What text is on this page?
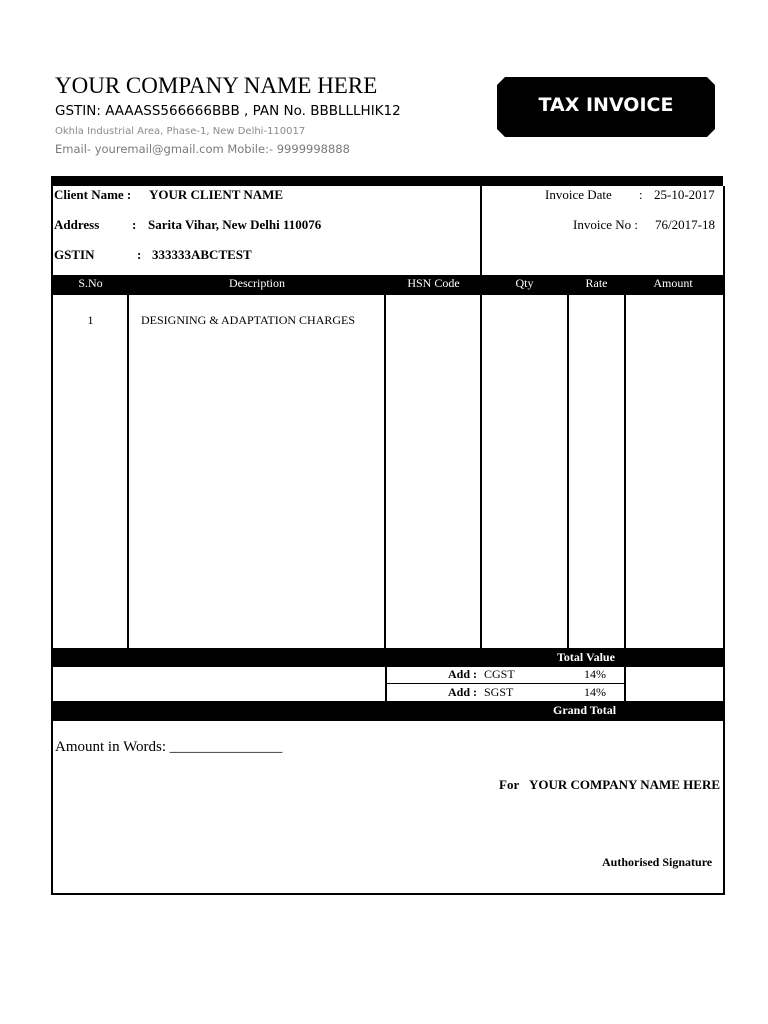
YOUR COMPANY NAME HERE
GSTIN: AAAASS566666BBB , PAN No. BBBLLLHIK12
Okhla Industrial Area, Phase-1, New Delhi-110017
Email- youremail@gmail.com Mobile:- 9999998888
TAX INVOICE
Client Name : YOUR CLIENT NAME
Address	: Sarita Vihar, New Delhi 110076
GSTIN	: 333333ABCTEST
Invoice Date : 25-10-2017
Invoice No : 76/2017-18
S.No	Description	HSN Code	Qty	Rate	Amount
1	DESIGNING & ADAPTATION CHARGES
Total Value
Add : CGST	14%
Add : SGST	14%
Grand Total
Amount in Words: _______________
For YOUR COMPANY NAME HERE
Authorised Signature
